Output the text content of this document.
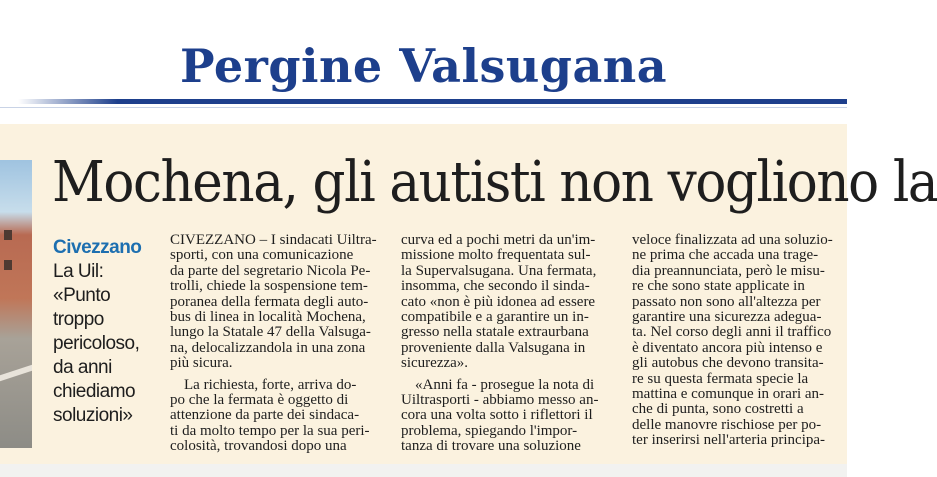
Pergine Valsugana
Mochena, gli autisti non vogliono la
Civezzano
La Uil:
«Punto
troppo
pericoloso,
da anni
chiediamo
soluzioni»
CIVEZZANO – I sindacati Uiltra-
sporti, con una comunicazione
da parte del segretario Nicola Pe-
trolli, chiede la sospensione tem-
poranea della fermata degli auto-
bus di linea in località Mochena,
lungo la Statale 47 della Valsuga-
na, delocalizzandola in una zona
più sicura.
La richiesta, forte, arriva do-
po che la fermata è oggetto di
attenzione da parte dei sindaca-
ti da molto tempo per la sua peri-
colosità, trovandosi dopo una
curva ed a pochi metri da un'im-
missione molto frequentata sul-
la Supervalsugana. Una fermata,
insomma, che secondo il sinda-
cato «non è più idonea ad essere
compatibile e a garantire un in-
gresso nella statale extraurbana
proveniente dalla Valsugana in
sicurezza».
«Anni fa - prosegue la nota di
Uiltrasporti - abbiamo messo an-
cora una volta sotto i riflettori il
problema, spiegando l'impor-
tanza di trovare una soluzione
veloce finalizzata ad una soluzio-
ne prima che accada una trage-
dia preannunciata, però le misu-
re che sono state applicate in
passato non sono all'altezza per
garantire una sicurezza adegua-
ta. Nel corso degli anni il traffico
è diventato ancora più intenso e
gli autobus che devono transita-
re su questa fermata specie la
mattina e comunque in orari an-
che di punta, sono costretti a
delle manovre rischiose per po-
ter inserirsi nell'arteria principa-
